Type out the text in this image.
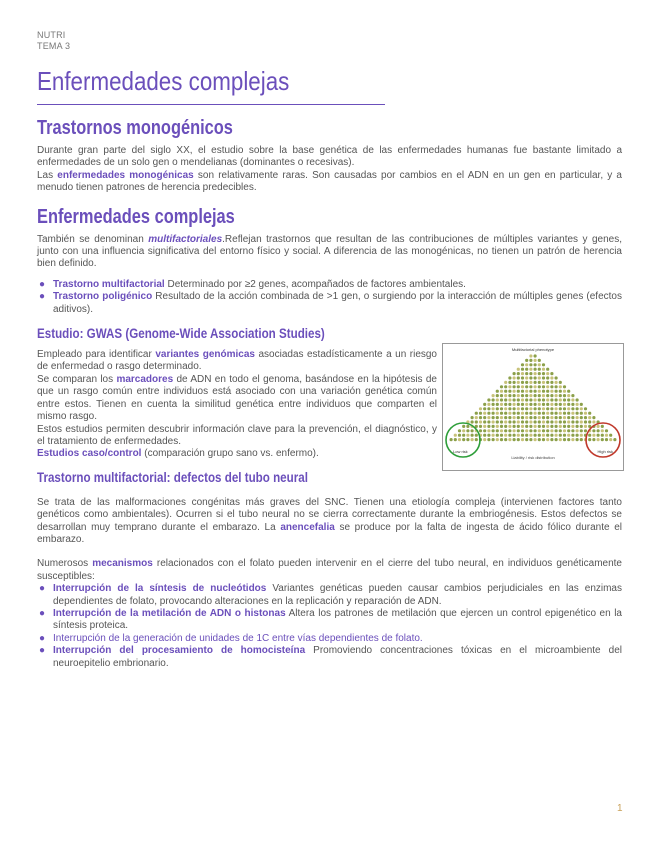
NUTRI
TEMA 3
Enfermedades complejas
Trastornos monogénicos

Durante gran parte del siglo XX, el estudio sobre la base genética de las enfermedades humanas fue bastante limitado a enfermedades de un solo gen o mendelianas (dominantes o recesivas).

Las enfermedades monogénicas son relativamente raras. Son causadas por cambios en el ADN en un gen en particular, y a menudo tienen patrones de herencia predecibles.

Enfermedades complejas

También se denominan multifactoriales.Reflejan trastornos que resultan de las contribuciones de múltiples variantes y genes, junto con una influencia significativa del entorno físico y social. A diferencia de las monogénicas, no tienen un patrón de herencia bien definido.

● Trastorno multifactorial Determinado por ≥2 genes, acompañados de factores ambientales.
● Trastorno poligénico Resultado de la acción combinada de >1 gen, o surgiendo por la interacción de múltiples genes (efectos aditivos).
Estudio: GWAS (Genome-Wide Association Studies)

Empleado para identificar variantes genómicas asociadas estadísticamente a un riesgo de enfermedad o rasgo determinado.

Se comparan los marcadores de ADN en todo el genoma, basándose en la hipótesis de que un rasgo común entre individuos está asociado con una variación genética común entre estos. Tienen en cuenta la similitud genética entre individuos que comparten el mismo rasgo.

Estos estudios permiten descubrir información clave para la prevención, el diagnóstico, y el tratamiento de enfermedades.

Estudios caso/control (comparación grupo sano vs. enfermo).

Multifactorial phenotype
Low risk	High risk
Liability / risk distribution
Trastorno multifactorial: defectos del tubo neural

Se trata de las malformaciones congénitas más graves del SNC. Tienen una etiología compleja (intervienen factores tanto genéticos como ambientales). Ocurren si el tubo neural no se cierra correctamente durante la embriogénesis. Estos defectos se desarrollan muy temprano durante el embarazo. La anencefalia se produce por la falta de ingesta de ácido fólico durante el embarazo.

Numerosos mecanismos relacionados con el folato pueden intervenir en el cierre del tubo neural, en individuos genéticamente susceptibles:

● Interrupción de la síntesis de nucleótidos Variantes genéticas pueden causar cambios perjudiciales en las enzimas dependientes de folato, provocando alteraciones en la replicación y reparación de ADN.
● Interrupción de la metilación de ADN o histonas Altera los patrones de metilación que ejercen un control epigenético en la síntesis proteica.
● Interrupción de la generación de unidades de 1C entre vías dependientes de folato.
● Interrupción del procesamiento de homocisteína Promoviendo concentraciones tóxicas en el microambiente del neuroepitelio embrionario.
1
